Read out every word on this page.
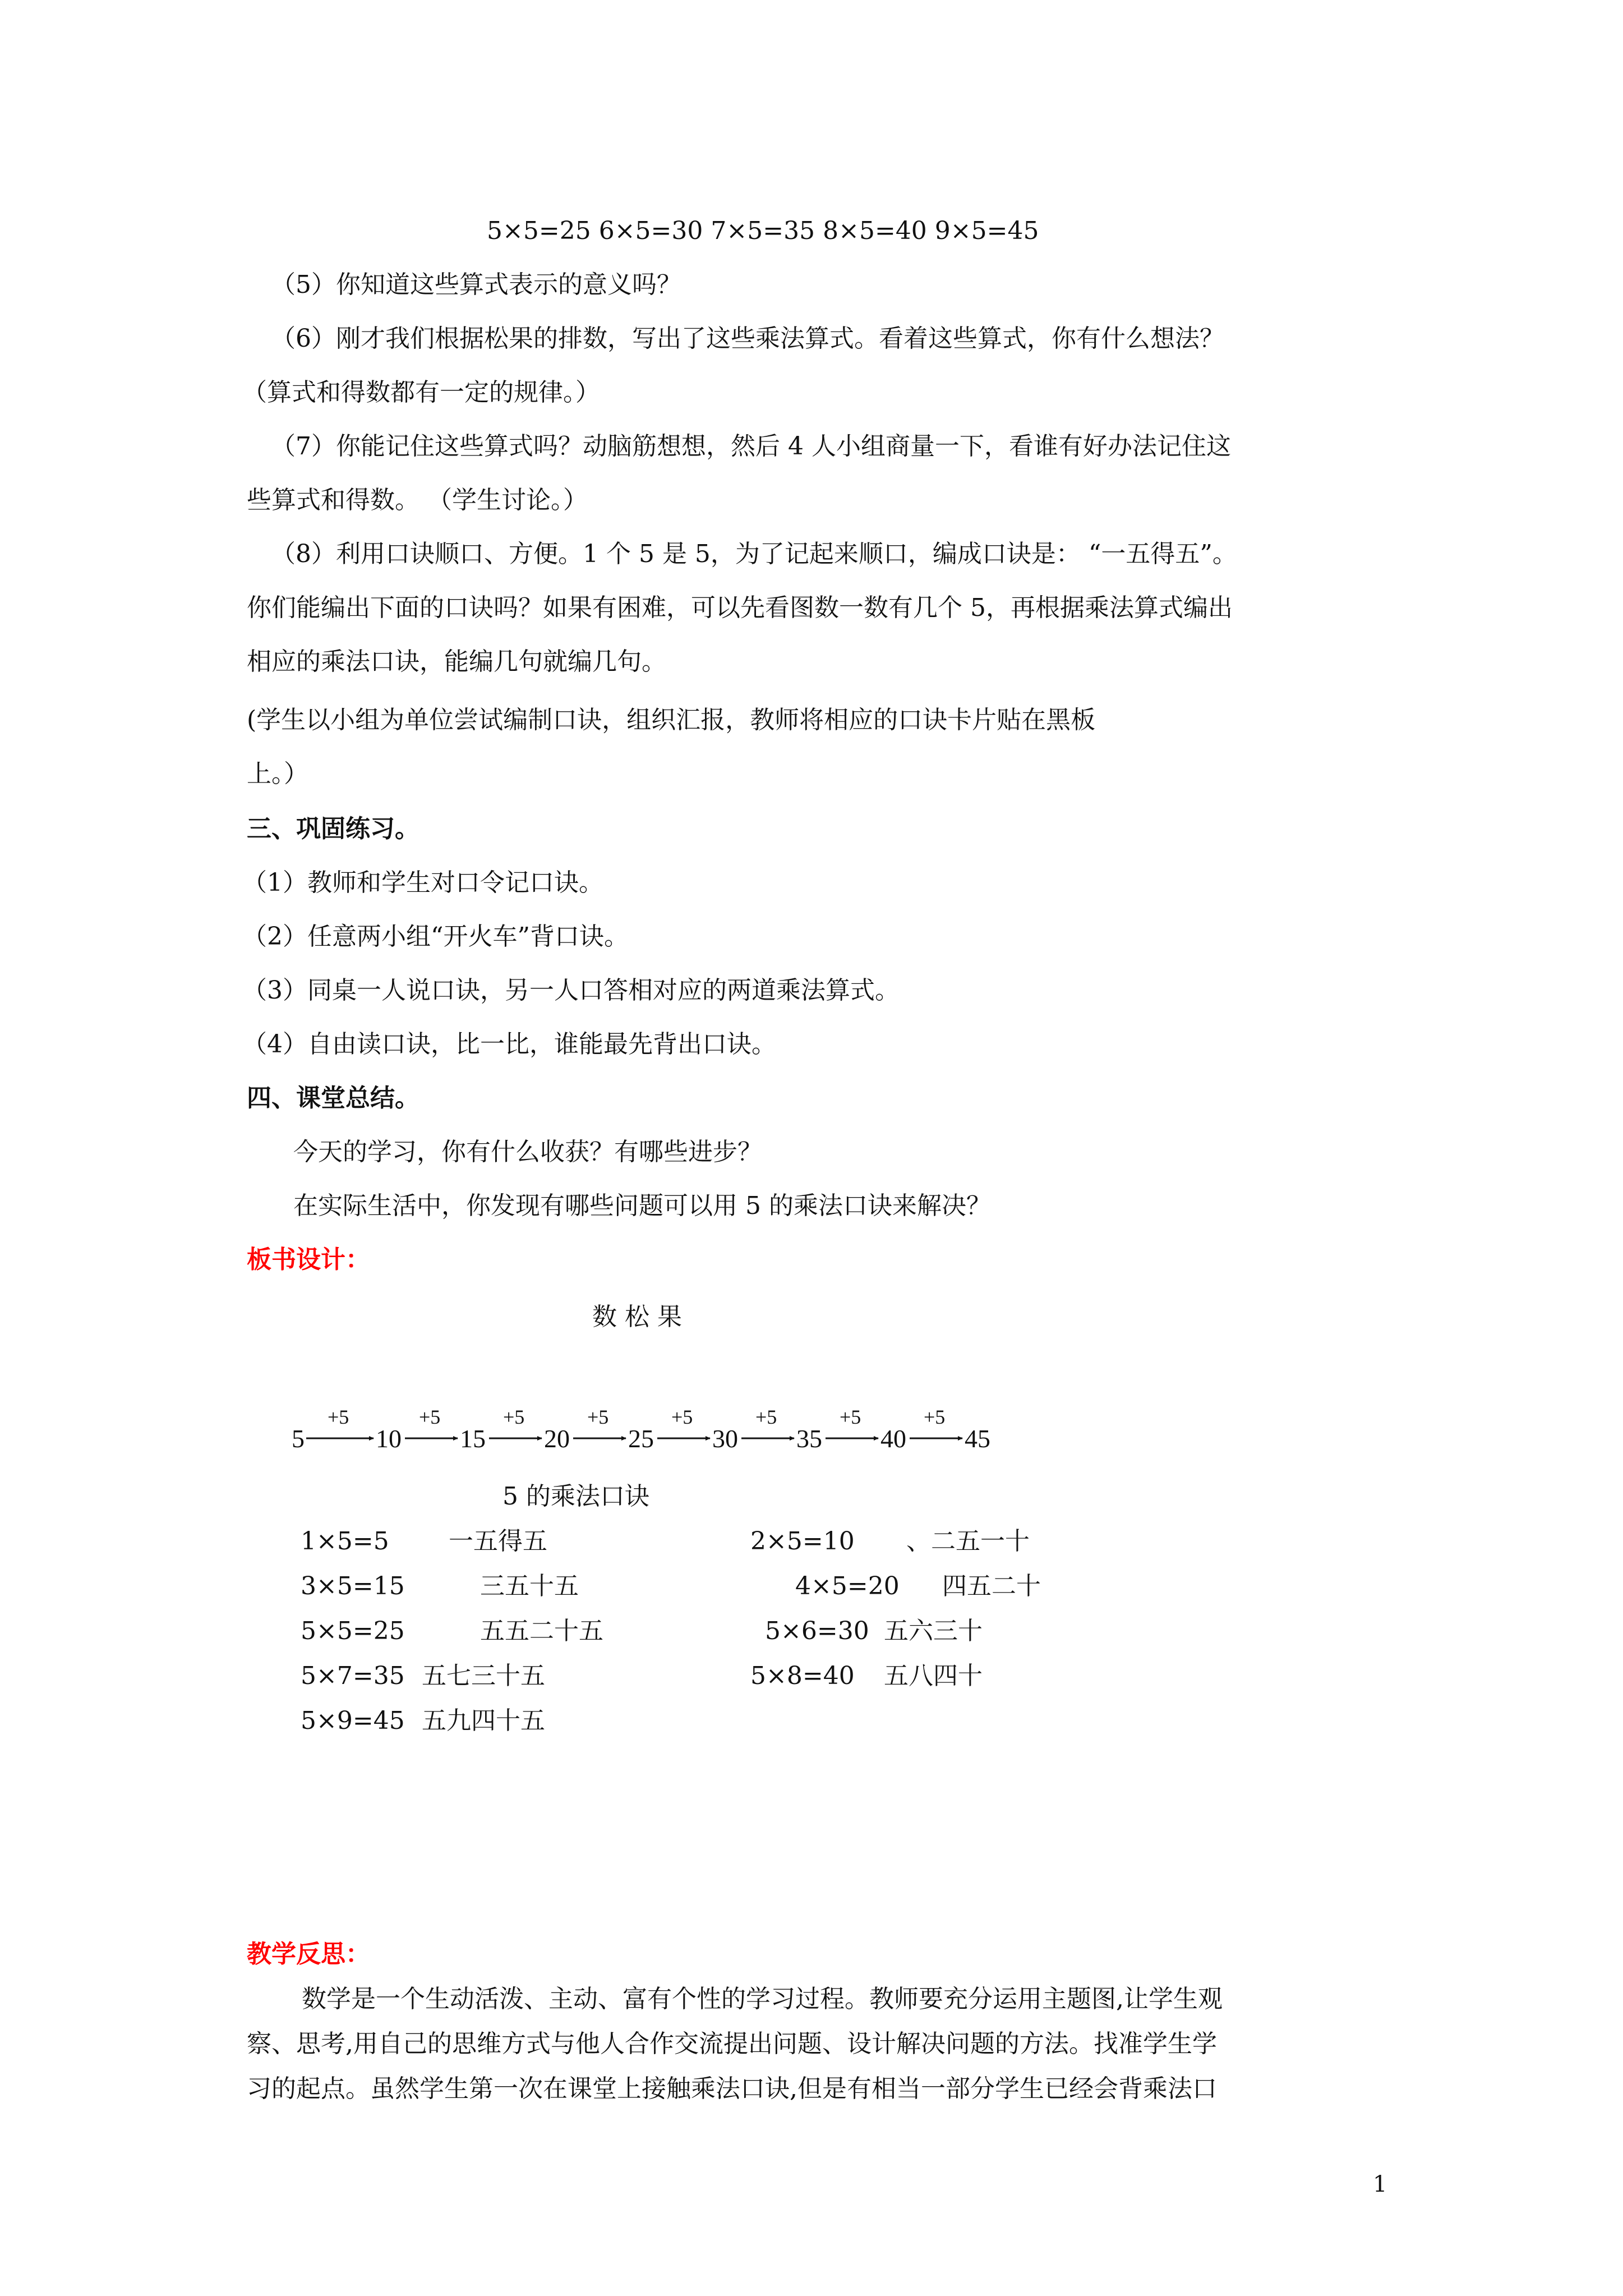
5×5=25 6×5=30 7×5=35 8×5=40 9×5=45
（5）你知道这些算式表示的意义吗？
（6）刚才我们根据松果的排数，写出了这些乘法算式。看着这些算式，你有什么想法？
（算式和得数都有一定的规律。）
（7）你能记住这些算式吗？动脑筋想想，然后 4 人小组商量一下，看谁有好办法记住这
些算式和得数。 （学生讨论。）
（8）利用口诀顺口、方便。1 个 5 是 5，为了记起来顺口，编成口诀是： “一五得五”。
你们能编出下面的口诀吗？如果有困难，可以先看图数一数有几个 5，再根据乘法算式编出
相应的乘法口诀，能编几句就编几句。
(学生以小组为单位尝试编制口诀，组织汇报，教师将相应的口诀卡片贴在黑板
上。）
三、巩固练习。
（1）教师和学生对口令记口诀。
（2）任意两小组“开火车”背口诀。
（3）同桌一人说口诀，另一人口答相对应的两道乘法算式。
（4）自由读口诀，比一比，谁能最先背出口诀。
四、课堂总结。
今天的学习，你有什么收获？有哪些进步？
在实际生活中，你发现有哪些问题可以用 5 的乘法口诀来解决？
板书设计：
数 松 果
5
+5
10
+5
15
+5
20
+5
25
+5
30
+5
35
+5
40
+5
45
5 的乘法口诀
1×5=5 一五得五	2×5=10 、二五一十
3×5=15	三五十五	4×5=20 四五二十
5×5=25	五五二十五	5×6=30 五六三十
5×7=35 五七三十五	5×8=40 五八四十
5×9=45 五九四十五
教学反思：
数学是一个生动活泼、主动、富有个性的学习过程。教师要充分运用主题图,让学生观
察、思考,用自己的思维方式与他人合作交流提出问题、设计解决问题的方法。找准学生学
习的起点。虽然学生第一次在课堂上接触乘法口诀,但是有相当一部分学生已经会背乘法口
1
